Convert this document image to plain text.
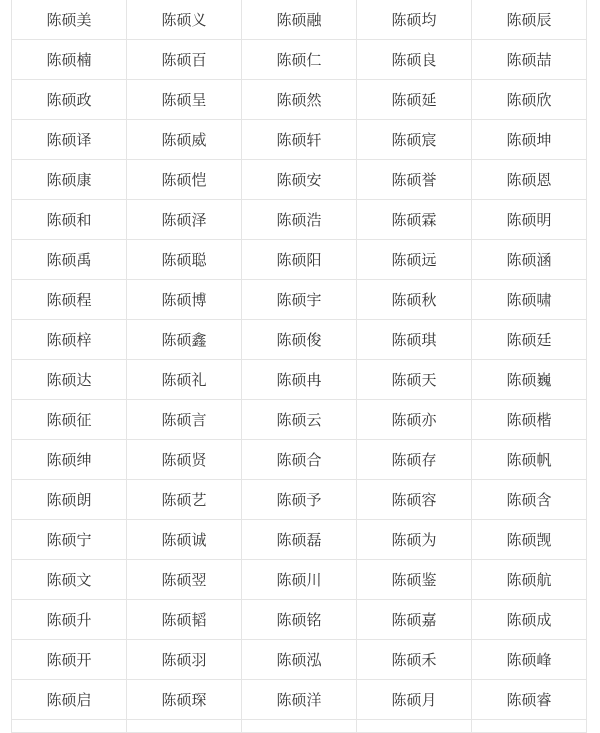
陈硕美	陈硕义	陈硕融	陈硕均	陈硕辰
陈硕楠	陈硕百	陈硕仁	陈硕良	陈硕喆
陈硕政	陈硕呈	陈硕然	陈硕延	陈硕欣
陈硕译	陈硕威	陈硕轩	陈硕宸	陈硕坤
陈硕康	陈硕恺	陈硕安	陈硕誉	陈硕恩
陈硕和	陈硕泽	陈硕浩	陈硕霖	陈硕明
陈硕禹	陈硕聪	陈硕阳	陈硕远	陈硕涵
陈硕程	陈硕博	陈硕宇	陈硕秋	陈硕啸
陈硕梓	陈硕鑫	陈硕俊	陈硕琪	陈硕廷
陈硕达	陈硕礼	陈硕冉	陈硕天	陈硕巍
陈硕征	陈硕言	陈硕云	陈硕亦	陈硕楷
陈硕绅	陈硕贤	陈硕合	陈硕存	陈硕帆
陈硕朗	陈硕艺	陈硕予	陈硕容	陈硕含
陈硕宁	陈硕诚	陈硕磊	陈硕为	陈硕觊
陈硕文	陈硕翌	陈硕川	陈硕鉴	陈硕航
陈硕升	陈硕韬	陈硕铭	陈硕嘉	陈硕成
陈硕开	陈硕羽	陈硕泓	陈硕禾	陈硕峰
陈硕启	陈硕琛	陈硕洋	陈硕月	陈硕睿
